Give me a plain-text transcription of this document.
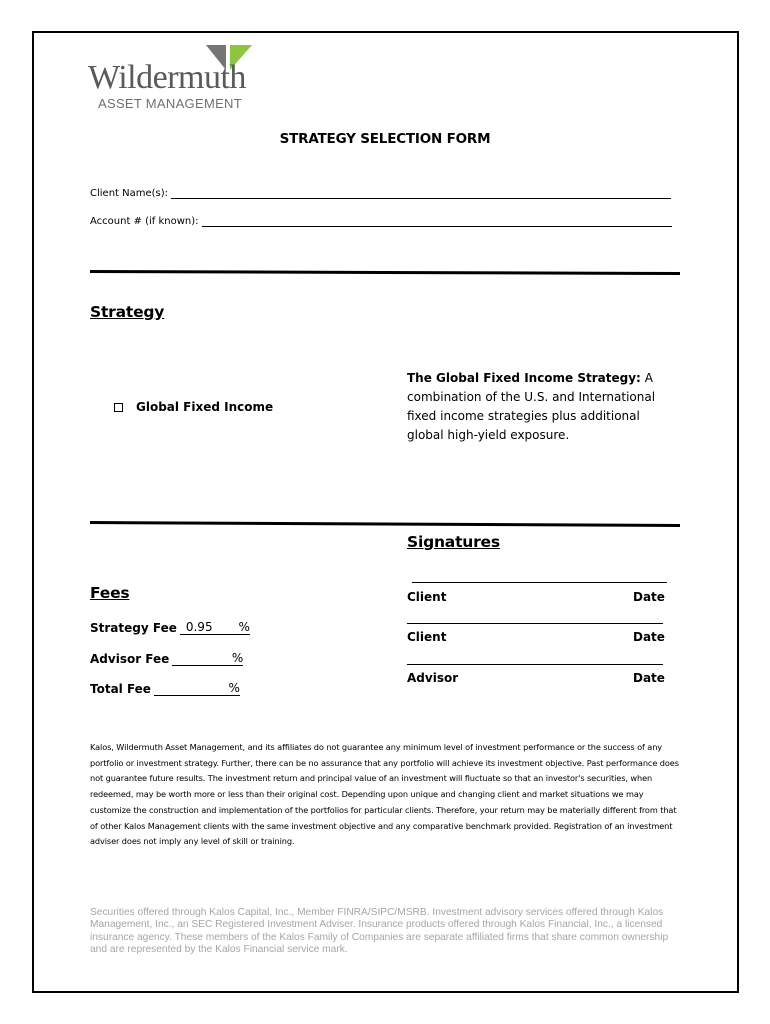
Wildermuth
ASSET MANAGEMENT
STRATEGY SELECTION FORM
Client Name(s):
Account # (if known):
Strategy
Global Fixed Income
The Global Fixed Income Strategy: A combination of the U.S. and International fixed income strategies plus additional global high-yield exposure.
Signatures
Client	Date
Client	Date
Advisor	Date
Fees
Strategy Fee 0.95 %
Advisor Fee	%
Total Fee	%
Kalos, Wildermuth Asset Management, and its affiliates do not guarantee any minimum level of investment performance or the success of any portfolio or investment strategy. Further, there can be no assurance that any portfolio will achieve its investment objective. Past performance does not guarantee future results. The investment return and principal value of an investment will fluctuate so that an investor's securities, when redeemed, may be worth more or less than their original cost. Depending upon unique and changing client and market situations we may customize the construction and implementation of the portfolios for particular clients. Therefore, your return may be materially different from that of other Kalos Management clients with the same investment objective and any comparative benchmark provided. Registration of an investment adviser does not imply any level of skill or training.
Securities offered through Kalos Capital, Inc., Member FINRA/SIPC/MSRB. Investment advisory services offered through Kalos Management, Inc., an SEC Registered Investment Adviser. Insurance products offered through Kalos Financial, Inc., a licensed insurance agency. These members of the Kalos Family of Companies are separate affiliated firms that share common ownership and are represented by the Kalos Financial service mark.
